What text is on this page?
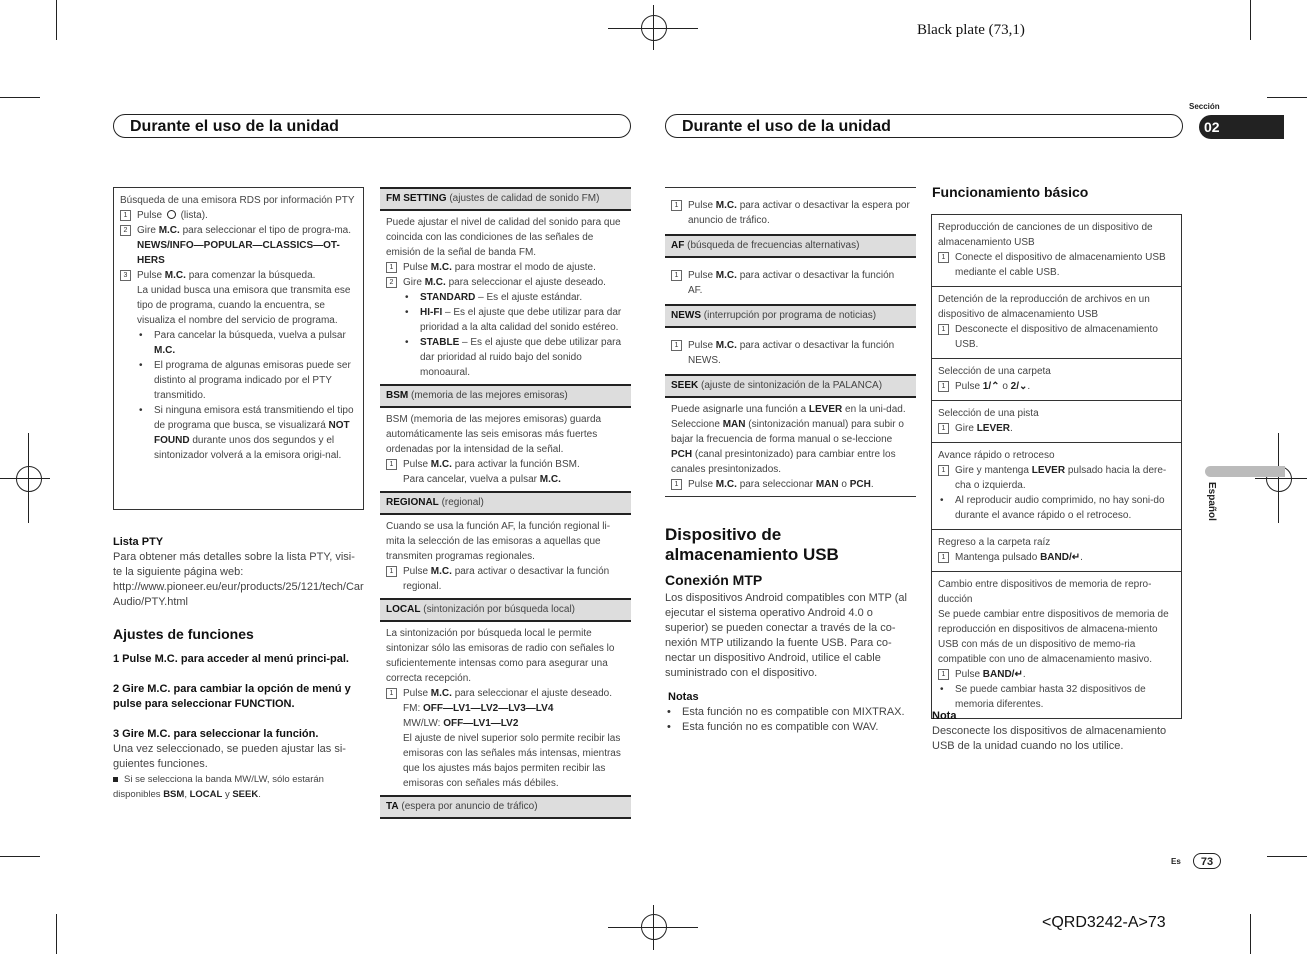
Black plate (73,1)
<QRD3242-A>73
Durante el uso de la unidad	Durante el uso de la unidad
Sección
02
Español
Es	73
Búsqueda de una emisora RDS por información PTY
1 Pulse (lista).
2 Gire M.C. para seleccionar el tipo de progra-ma.
NEWS/INFO—POPULAR—CLASSICS—OT-HERS
3 Pulse M.C. para comenzar la búsqueda.
La unidad busca una emisora que transmita ese tipo de programa, cuando la encuentra, se visualiza el nombre del servicio de programa.
• Para cancelar la búsqueda, vuelva a pulsar M.C.
• El programa de algunas emisoras puede ser distinto al programa indicado por el PTY transmitido.
• Si ninguna emisora está transmitiendo el tipo de programa que busca, se visualizará NOT FOUND durante unos dos segundos y el sintonizador volverá a la emisora origi-nal.
Lista PTY
Para obtener más detalles sobre la lista PTY, visi-te la siguiente página web:
http://www.pioneer.eu/eur/products/25/121/tech/CarAudio/PTY.html
Ajustes de funciones
1 Pulse M.C. para acceder al menú princi-pal.
2 Gire M.C. para cambiar la opción de menú y pulse para seleccionar FUNCTION.
3 Gire M.C. para seleccionar la función.
Una vez seleccionado, se pueden ajustar las si-guientes funciones.
Si se selecciona la banda MW/LW, sólo estarán disponibles BSM, LOCAL y SEEK.
FM SETTING (ajustes de calidad de sonido FM)
Puede ajustar el nivel de calidad del sonido para que coincida con las condiciones de las señales de emisión de la señal de banda FM.
1 Pulse M.C. para mostrar el modo de ajuste.
2 Gire M.C. para seleccionar el ajuste deseado.
• STANDARD – Es el ajuste estándar.
• HI-FI – Es el ajuste que debe utilizar para dar prioridad a la alta calidad del sonido estéreo.
• STABLE – Es el ajuste que debe utilizar para dar prioridad al ruido bajo del sonido monoaural.
BSM (memoria de las mejores emisoras)
BSM (memoria de las mejores emisoras) guarda automáticamente las seis emisoras más fuertes ordenadas por la intensidad de la señal.
1 Pulse M.C. para activar la función BSM.
Para cancelar, vuelva a pulsar M.C.
REGIONAL (regional)
Cuando se usa la función AF, la función regional li-mita la selección de las emisoras a aquellas que transmiten programas regionales.
1 Pulse M.C. para activar o desactivar la función regional.
LOCAL (sintonización por búsqueda local)
La sintonización por búsqueda local le permite sintonizar sólo las emisoras de radio con señales lo suficientemente intensas como para asegurar una correcta recepción.
1 Pulse M.C. para seleccionar el ajuste deseado.
FM: OFF—LV1—LV2—LV3—LV4
MW/LW: OFF—LV1—LV2
El ajuste de nivel superior solo permite recibir las emisoras con las señales más intensas, mientras que los ajustes más bajos permiten recibir las emisoras con señales más débiles.
TA (espera por anuncio de tráfico)
1 Pulse M.C. para activar o desactivar la espera por anuncio de tráfico.
AF (búsqueda de frecuencias alternativas)
1 Pulse M.C. para activar o desactivar la función AF.
NEWS (interrupción por programa de noticias)
1 Pulse M.C. para activar o desactivar la función NEWS.
SEEK (ajuste de sintonización de la PALANCA)
Puede asignarle una función a LEVER en la uni-dad.
Seleccione MAN (sintonización manual) para subir o bajar la frecuencia de forma manual o se-leccione PCH (canal presintonizado) para cambiar entre los canales presintonizados.
1 Pulse M.C. para seleccionar MAN o PCH.
Dispositivo de almacenamiento USB
Conexión MTP
Los dispositivos Android compatibles con MTP (al ejecutar el sistema operativo Android 4.0 o superior) se pueden conectar a través de la co-nexión MTP utilizando la fuente USB. Para co-nectar un dispositivo Android, utilice el cable suministrado con el dispositivo.
Notas
• Esta función no es compatible con MIXTRAX.
• Esta función no es compatible con WAV.
Funcionamiento básico
Reproducción de canciones de un dispositivo de almacenamiento USB
1 Conecte el dispositivo de almacenamiento USB mediante el cable USB.
Detención de la reproducción de archivos en un dispositivo de almacenamiento USB
1 Desconecte el dispositivo de almacenamiento USB.
Selección de una carpeta
1 Pulse 1/⌃ o 2/⌄.
Selección de una pista
1 Gire LEVER.
Avance rápido o retroceso
1 Gire y mantenga LEVER pulsado hacia la dere-cha o izquierda.
• Al reproducir audio comprimido, no hay soni-do durante el avance rápido o el retroceso.
Regreso a la carpeta raíz
1 Mantenga pulsado BAND/↵.
Cambio entre dispositivos de memoria de repro-ducción
Se puede cambiar entre dispositivos de memoria de reproducción en dispositivos de almacena-miento USB con más de un dispositivo de memo-ria compatible con uno de almacenamiento masivo.
1 Pulse BAND/↵.
• Se puede cambiar hasta 32 dispositivos de memoria diferentes.
Nota
Desconecte los dispositivos de almacenamiento USB de la unidad cuando no los utilice.
